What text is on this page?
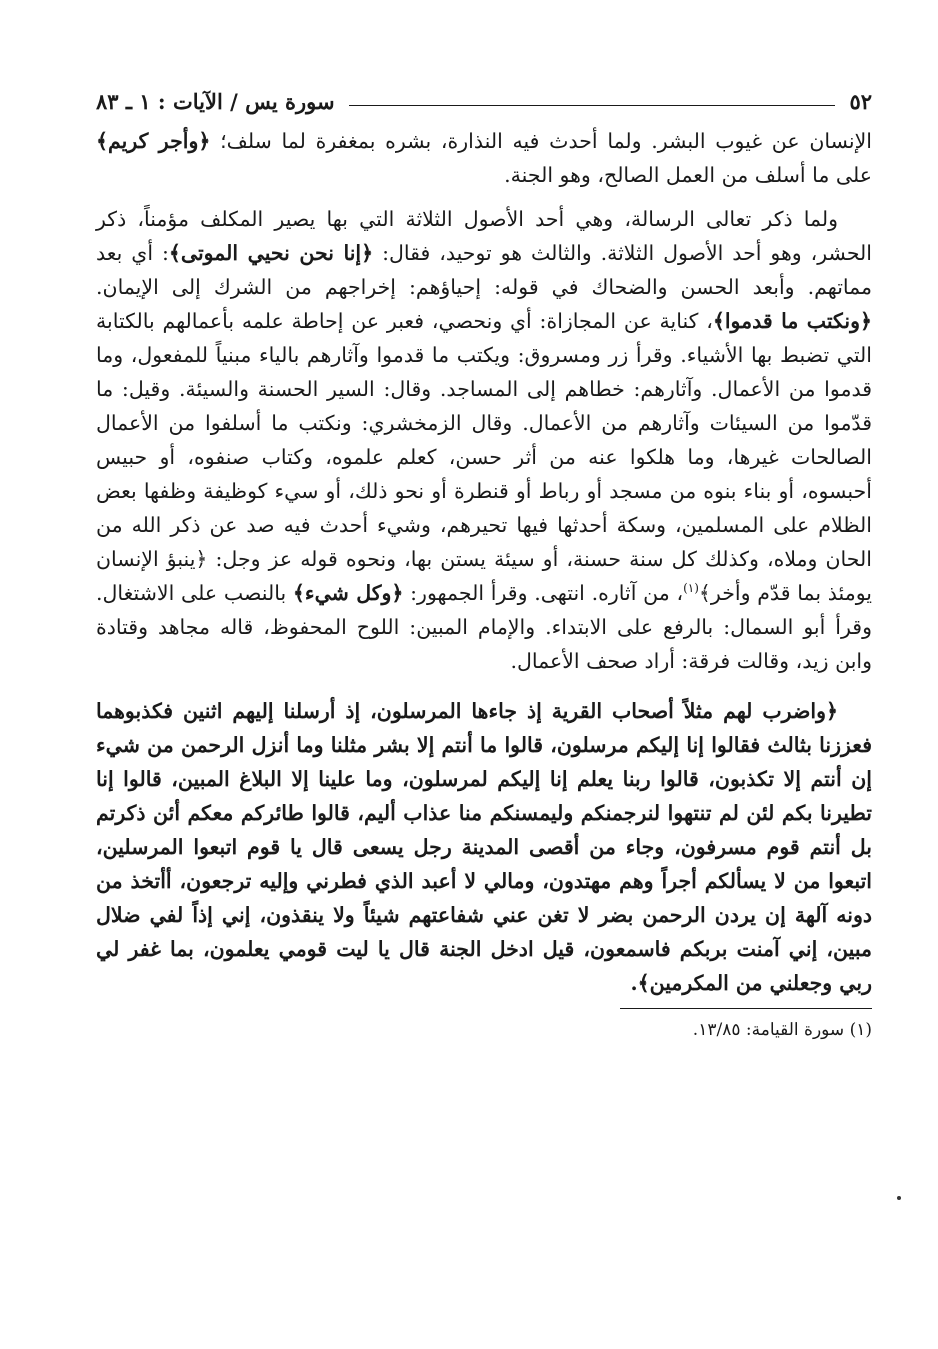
٥٢
سورة يس / الآيات : ١ ـ ٨٣

الإنسان عن غيوب البشر. ولما أحدث فيه النذارة، بشره بمغفرة لما سلف؛ ﴿وأجر كريم﴾ على ما أسلف من العمل الصالح، وهو الجنة.

ولما ذكر تعالى الرسالة، وهي أحد الأصول الثلاثة التي بها يصير المكلف مؤمناً، ذكر الحشر، وهو أحد الأصول الثلاثة. والثالث هو توحيد، فقال: ﴿إنا نحن نحيي الموتى﴾: أي بعد مماتهم. وأبعد الحسن والضحاك في قوله: إحياؤهم: إخراجهم من الشرك إلى الإيمان. ﴿ونكتب ما قدموا﴾، كناية عن المجازاة: أي ونحصي، فعبر عن إحاطة علمه بأعمالهم بالكتابة التي تضبط بها الأشياء. وقرأ زر ومسروق: ويكتب ما قدموا وآثارهم بالياء مبنياً للمفعول، وما قدموا من الأعمال. وآثارهم: خطاهم إلى المساجد. وقال: السير الحسنة والسيئة. وقيل: ما قدّموا من السيئات وآثارهم من الأعمال. وقال الزمخشري: ونكتب ما أسلفوا من الأعمال الصالحات غيرها، وما هلكوا عنه من أثر حسن، كعلم علموه، وكتاب صنفوه، أو حبيس أحبسوه، أو بناء بنوه من مسجد أو رباط أو قنطرة أو نحو ذلك، أو سيء كوظيفة وظفها بعض الظلام على المسلمين، وسكة أحدثها فيها تحيرهم، وشيء أحدث فيه صد عن ذكر الله من الحان وملاه، وكذلك كل سنة حسنة، أو سيئة يستن بها، ونحوه قوله عز وجل: ﴿ينبؤ الإنسان يومئذ بما قدّم وأخر﴾$^{(١)}$، من آثاره. انتهى. وقرأ الجمهور: ﴿وكل شيء﴾ بالنصب على الاشتغال. وقرأ أبو السمال: بالرفع على الابتداء. والإمام المبين: اللوح المحفوظ، قاله مجاهد وقتادة وابن زيد، وقالت فرقة: أراد صحف الأعمال.

﴿واضرب لهم مثلاً أصحاب القرية إذ جاءها المرسلون، إذ أرسلنا إليهم اثنين فكذبوهما فعززنا بثالث فقالوا إنا إليكم مرسلون، قالوا ما أنتم إلا بشر مثلنا وما أنزل الرحمن من شيء إن أنتم إلا تكذبون، قالوا ربنا يعلم إنا إليكم لمرسلون، وما علينا إلا البلاغ المبين، قالوا إنا تطيرنا بكم لئن لم تنتهوا لنرجمنكم وليمسنكم منا عذاب أليم، قالوا طائركم معكم أئن ذكرتم بل أنتم قوم مسرفون، وجاء من أقصى المدينة رجل يسعى قال يا قوم اتبعوا المرسلين، اتبعوا من لا يسألكم أجراً وهم مهتدون، ومالي لا أعبد الذي فطرني وإليه ترجعون، أأتخذ من دونه آلهة إن يردن الرحمن بضر لا تغن عني شفاعتهم شيئاً ولا ينقذون، إني إذاً لفي ضلال مبين، إني آمنت بربكم فاسمعون، قيل ادخل الجنة قال يا ليت قومي يعلمون، بما غفر لي ربي وجعلني من المكرمين﴾.
(١) سورة القيامة: ١٣/٨٥.
